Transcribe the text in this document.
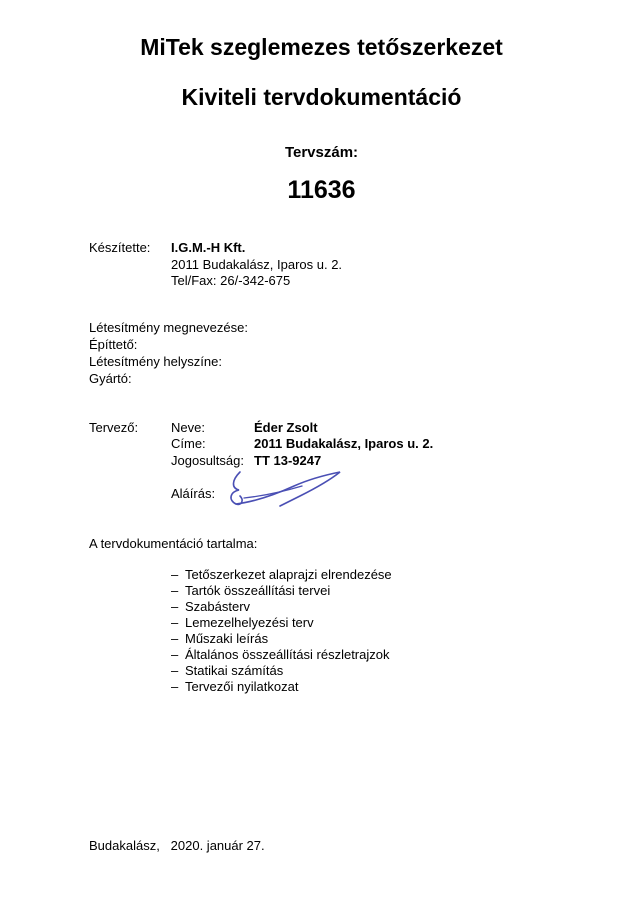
MiTek szeglemezes tetőszerkezet
Kiviteli tervdokumentáció
Tervszám:
11636
Készítette: I.G.M.-H Kft.
2011 Budakalász, Iparos u. 2.
Tel/Fax: 26/-342-675
Létesítmény megnevezése:
Építtető:
Létesítmény helyszíne:
Gyártó:
Tervező:	Neve:	Éder Zsolt
Címe:	2011 Budakalász, Iparos u. 2.
Jogosultság: TT 13-9247
Aláírás:
A tervdokumentáció tartalma:
– Tetőszerkezet alaprajzi elrendezése
– Tartók összeállítási tervei
– Szabásterv
– Lemezelhelyezési terv
– Műszaki leírás
– Általános összeállítási részletrajzok
– Statikai számítás
– Tervezői nyilatkozat
Budakalász,   2020. január 27.
